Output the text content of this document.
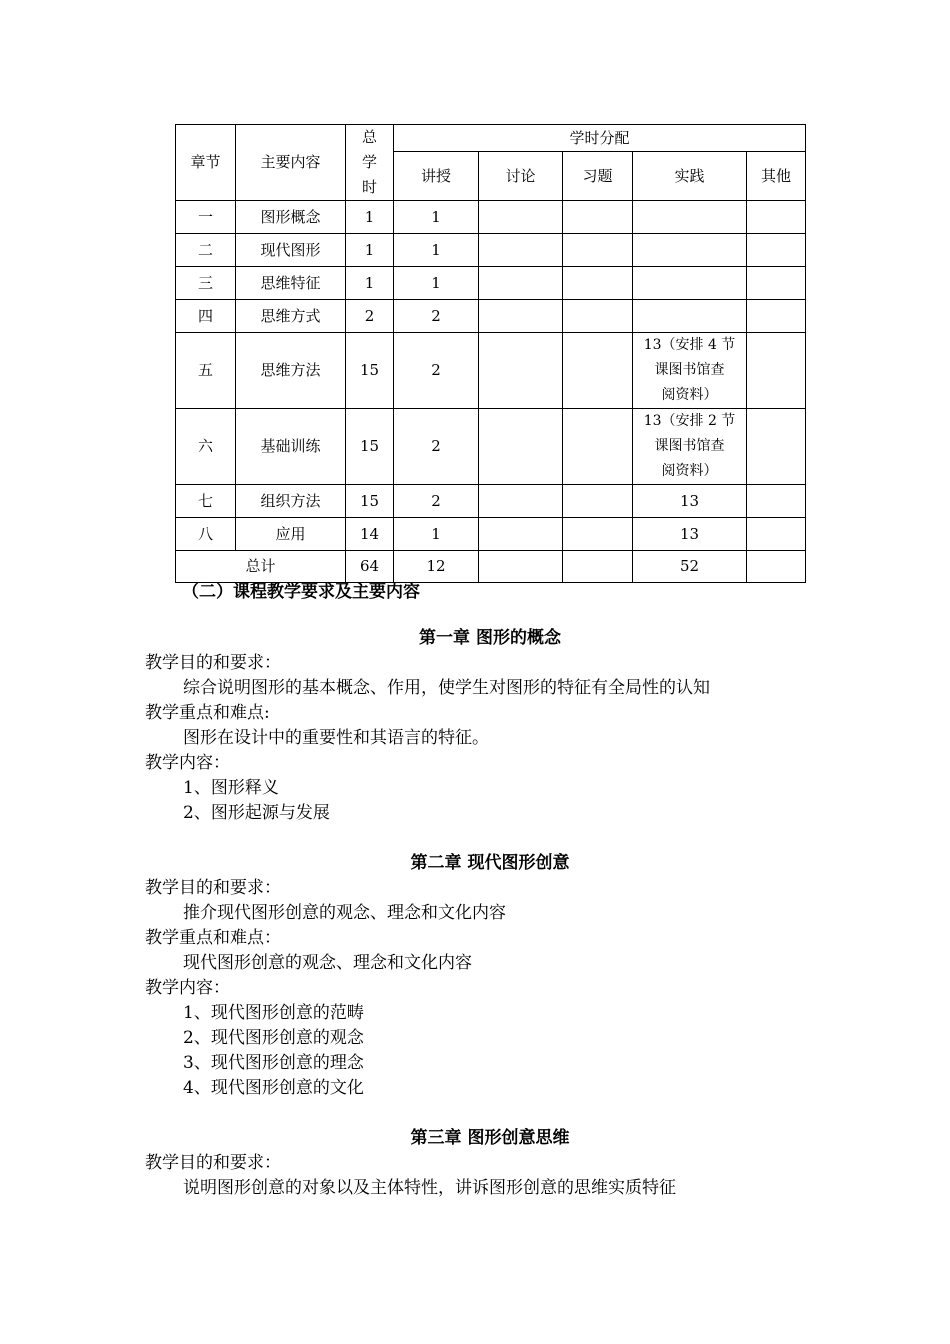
章节	主要内容	总
学
时	学时分配				
			讲授	讨论	习题	实践	其他
一	图形概念	1	1				
二	现代图形	1	1				
三	思维特征	1	1				
四	思维方式	2	2				
五	思维方法	15	2			13（安排 4 节
课图书馆查
阅资料）	

六	基础训练	15	2			13（安排 2 节
课图书馆查
阅资料）	

七	组织方法	15	2			13	
八	应用	14	1			13	
总计		64	12			52	
（二）课程教学要求及主要内容
第一章 图形的概念
教学目的和要求：
综合说明图形的基本概念、作用，使学生对图形的特征有全局性的认知
教学重点和难点:
图形在设计中的重要性和其语言的特征。
教学内容：
1、图形释义
2、图形起源与发展
第二章 现代图形创意
教学目的和要求：
推介现代图形创意的观念、理念和文化内容
教学重点和难点：
现代图形创意的观念、理念和文化内容
教学内容：
1、现代图形创意的范畴
2、现代图形创意的观念
3、现代图形创意的理念
4、现代图形创意的文化
第三章 图形创意思维
教学目的和要求：
说明图形创意的对象以及主体特性，讲诉图形创意的思维实质特征
